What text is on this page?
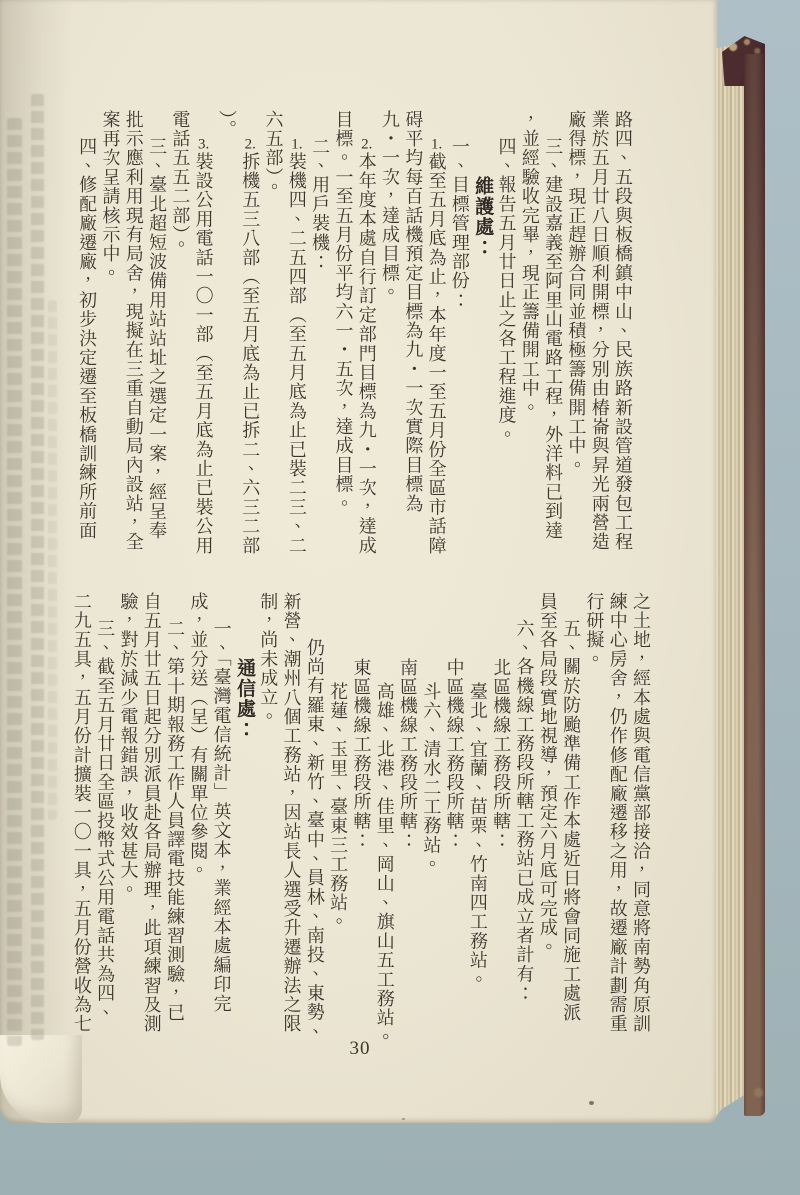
路四、五段與板橋鎮中山、民族路新設管道發包工程
業於五月廿八日順利開標，分別由椿崙與昇光兩營造
廠得標，現正趕辦合同並積極籌備開工中。
三、建設嘉義至阿里山電路工程，外洋料已到達
，並經驗收完畢，現正籌備開工中。
四、報告五月廿日止之各工程進度。
維護處：
一、目標管理部份：
1.截至五月底為止，本年度一至五月份全區市話障
碍平均每百話機預定目標為九・一次實際目標為
九・一次，達成目標。
2.本年度本處自行訂定部門目標為九・一次，達成
目標。一至五月份平均六一・五次，達成目標。
二、用戶裝機：
1.裝機四、二五四部（至五月底為止已裝二三、二
六五部）。
2.拆機五三八部（至五月底為止已拆二、六三二部
）。
3.裝設公用電話一〇一部（至五月底為止已裝公用
電話五五二部）。
三、臺北超短波備用站站址之選定一案，經呈奉
批示應利用現有局舍，現擬在三重自動局內設站，全
案再次呈請核示中。
四、修配廠遷廠，初步決定遷至板橋訓練所前面
之土地，經本處與電信黨部接洽，同意將南勢角原訓
練中心房舍，仍作修配廠遷移之用，故遷廠計劃需重
行研擬。
五、關於防颱準備工作本處近日將會同施工處派
員至各局段實地視導，預定六月底可完成。
六、各機線工務段所轄工務站已成立者計有：
北區機線工務段所轄：
臺北、宜蘭、苗栗、竹南四工務站。
中區機線工務段所轄：
斗六、清水二工務站。
南區機線工務段所轄：
高雄、北港、佳里、岡山、旗山五工務站。
東區機線工務段所轄：
花蓮、玉里、臺東三工務站。
仍尚有羅東、新竹、臺中、員林、南投、東勢、
新營、潮州八個工務站，因站長人選受升遷辦法之限
制，尚未成立。
通信處：
一、「臺灣電信統計」英文本，業經本處編印完
成，並分送（呈）有關單位參閱。
二、第十期報務工作人員譯電技能練習測驗，已
自五月廿五日起分別派員赴各局辦理，此項練習及測
驗，對於減少電報錯誤，收效甚大。
三、截至五月廿日全區投幣式公用電話共為四、
二九五具，五月份計擴裝一〇一具，五月份營收為七
30
